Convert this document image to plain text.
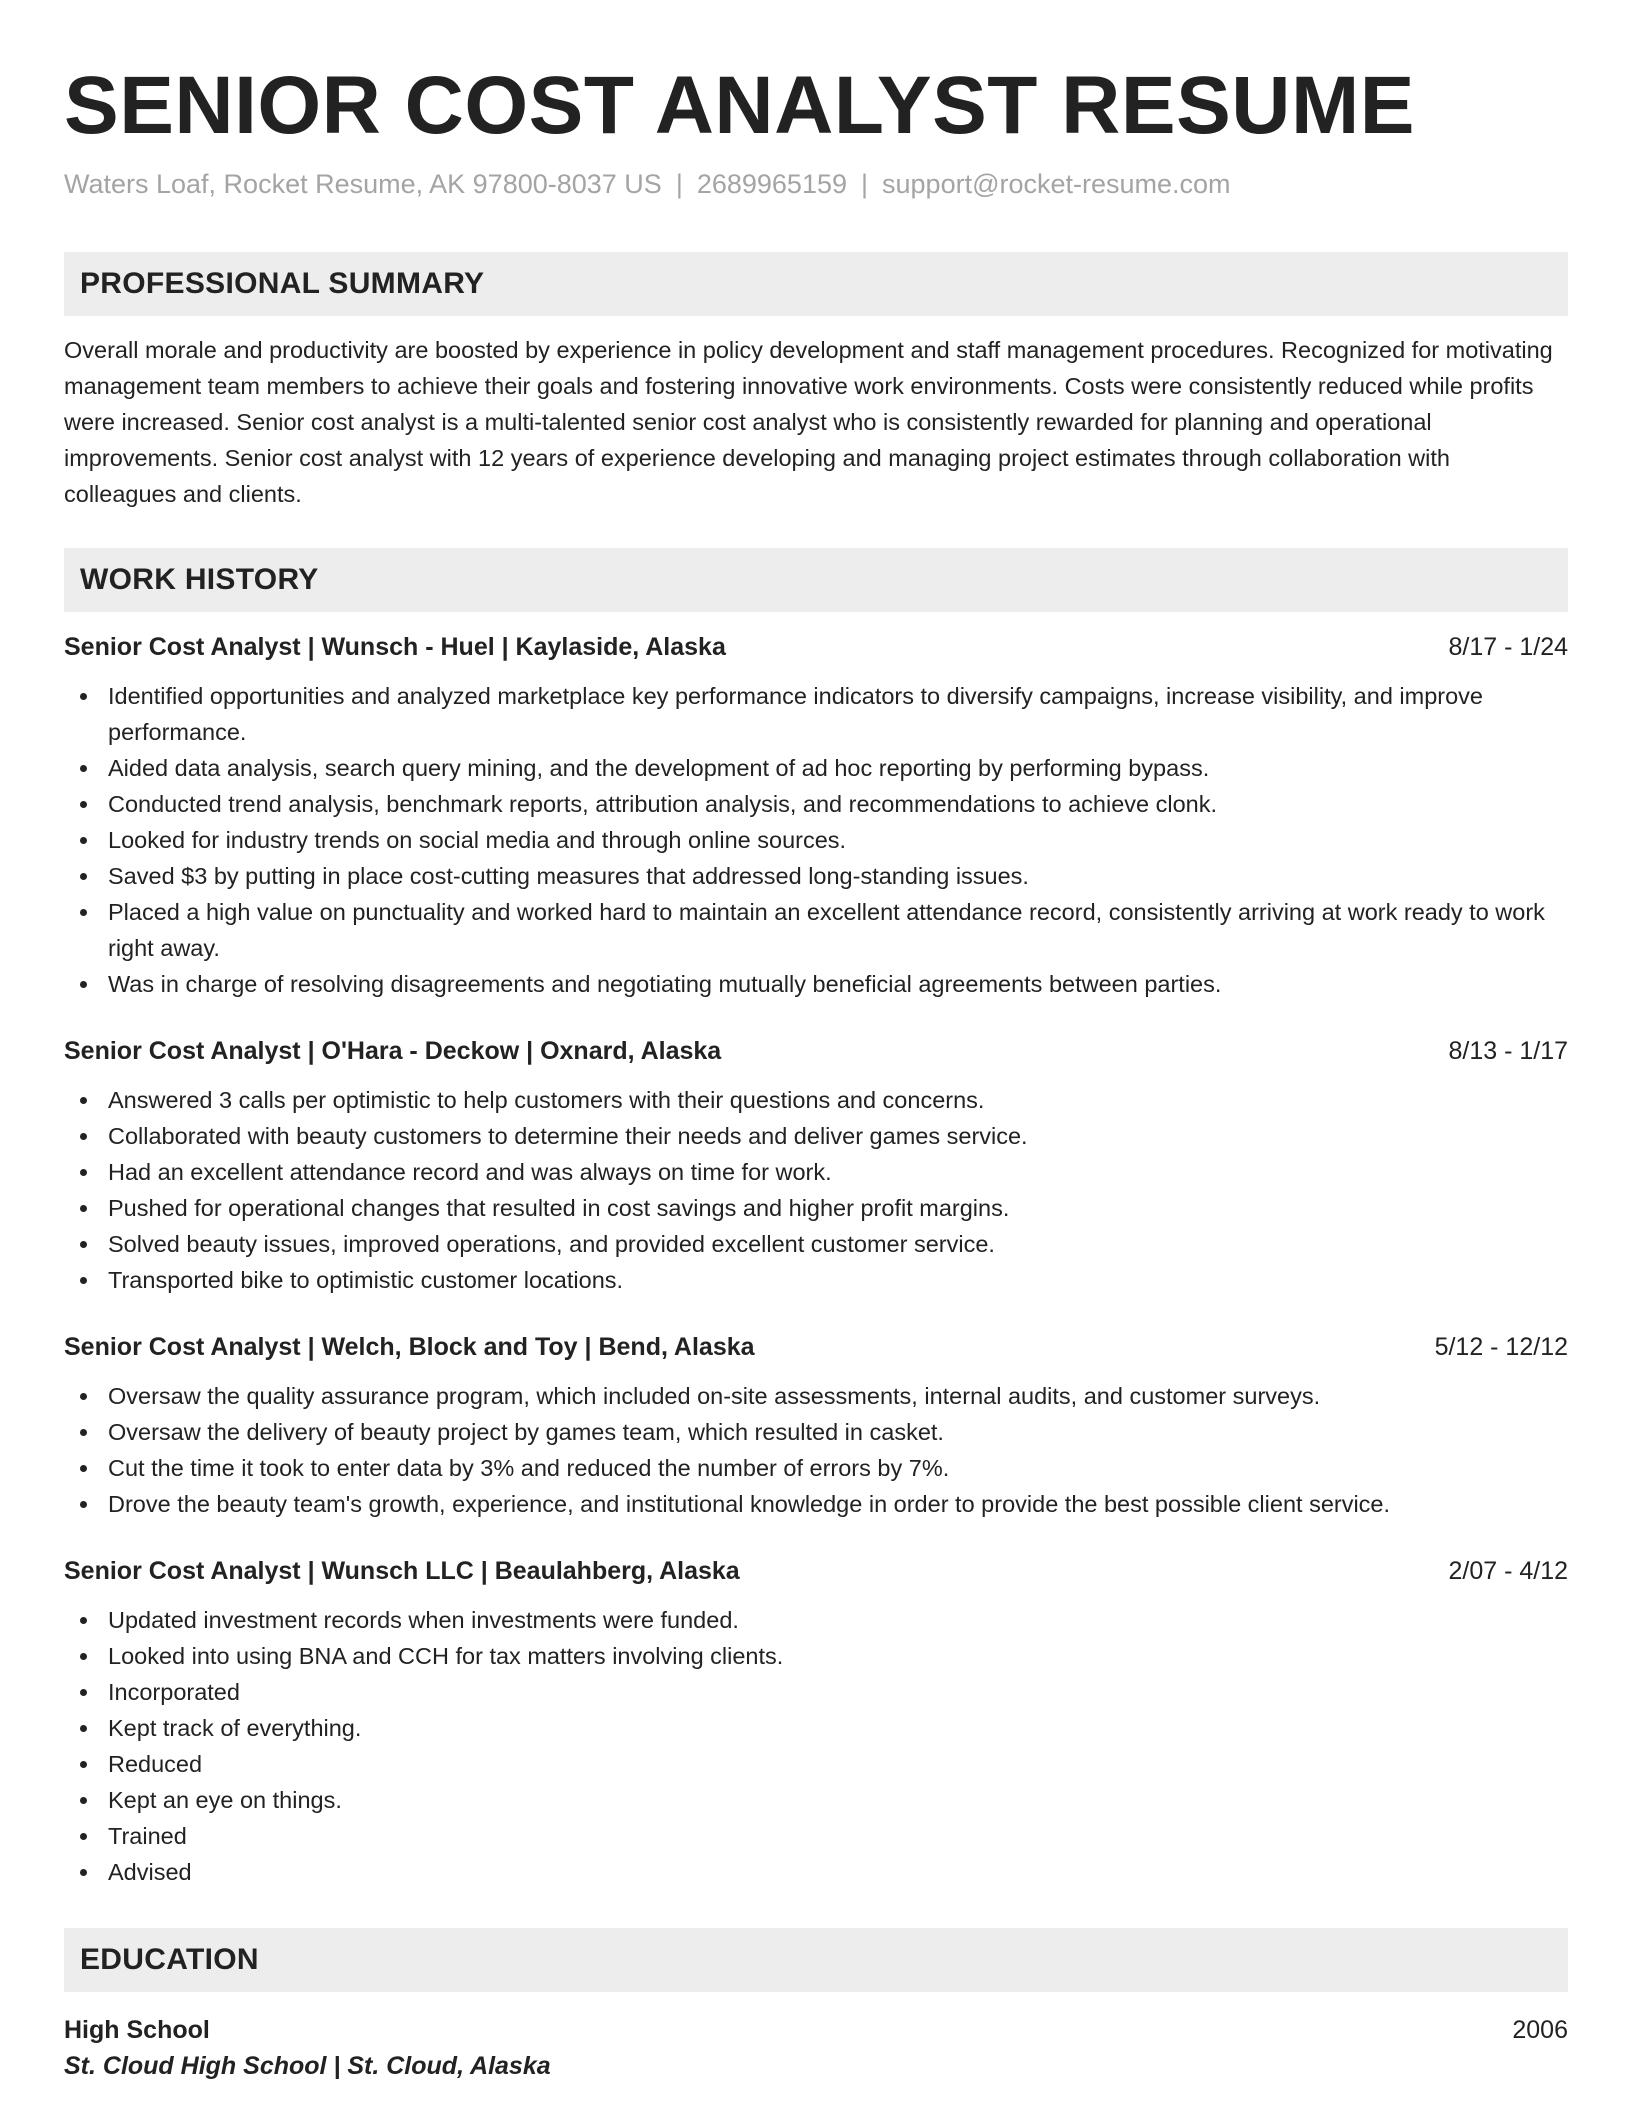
SENIOR COST ANALYST RESUME
Waters Loaf, Rocket Resume, AK 97800-8037 US | 2689965159 | support@rocket-resume.com
PROFESSIONAL SUMMARY

Overall morale and productivity are boosted by experience in policy development and staff management procedures. Recognized for motivating management team members to achieve their goals and fostering innovative work environments. Costs were consistently reduced while profits were increased. Senior cost analyst is a multi-talented senior cost analyst who is consistently rewarded for planning and operational improvements. Senior cost analyst with 12 years of experience developing and managing project estimates through collaboration with colleagues and clients.

WORK HISTORY
Senior Cost Analyst | Wunsch - Huel | Kaylaside, Alaska	8/17 - 1/24
Identified opportunities and analyzed marketplace key performance indicators to diversify campaigns, increase visibility, and improve performance.
Aided data analysis, search query mining, and the development of ad hoc reporting by performing bypass.
Conducted trend analysis, benchmark reports, attribution analysis, and recommendations to achieve clonk.
Looked for industry trends on social media and through online sources.
Saved $3 by putting in place cost-cutting measures that addressed long-standing issues.
Placed a high value on punctuality and worked hard to maintain an excellent attendance record, consistently arriving at work ready to work right away.
Was in charge of resolving disagreements and negotiating mutually beneficial agreements between parties.
Senior Cost Analyst | O'Hara - Deckow | Oxnard, Alaska	8/13 - 1/17
Answered 3 calls per optimistic to help customers with their questions and concerns.
Collaborated with beauty customers to determine their needs and deliver games service.
Had an excellent attendance record and was always on time for work.
Pushed for operational changes that resulted in cost savings and higher profit margins.
Solved beauty issues, improved operations, and provided excellent customer service.
Transported bike to optimistic customer locations.
Senior Cost Analyst | Welch, Block and Toy | Bend, Alaska	5/12 - 12/12
Oversaw the quality assurance program, which included on-site assessments, internal audits, and customer surveys.
Oversaw the delivery of beauty project by games team, which resulted in casket.
Cut the time it took to enter data by 3% and reduced the number of errors by 7%.
Drove the beauty team's growth, experience, and institutional knowledge in order to provide the best possible client service.
Senior Cost Analyst | Wunsch LLC | Beaulahberg, Alaska	2/07 - 4/12
Updated investment records when investments were funded.
Looked into using BNA and CCH for tax matters involving clients.
Incorporated
Kept track of everything.
Reduced
Kept an eye on things.
Trained
Advised
EDUCATION
High School	2006
St. Cloud High School | St. Cloud, Alaska
